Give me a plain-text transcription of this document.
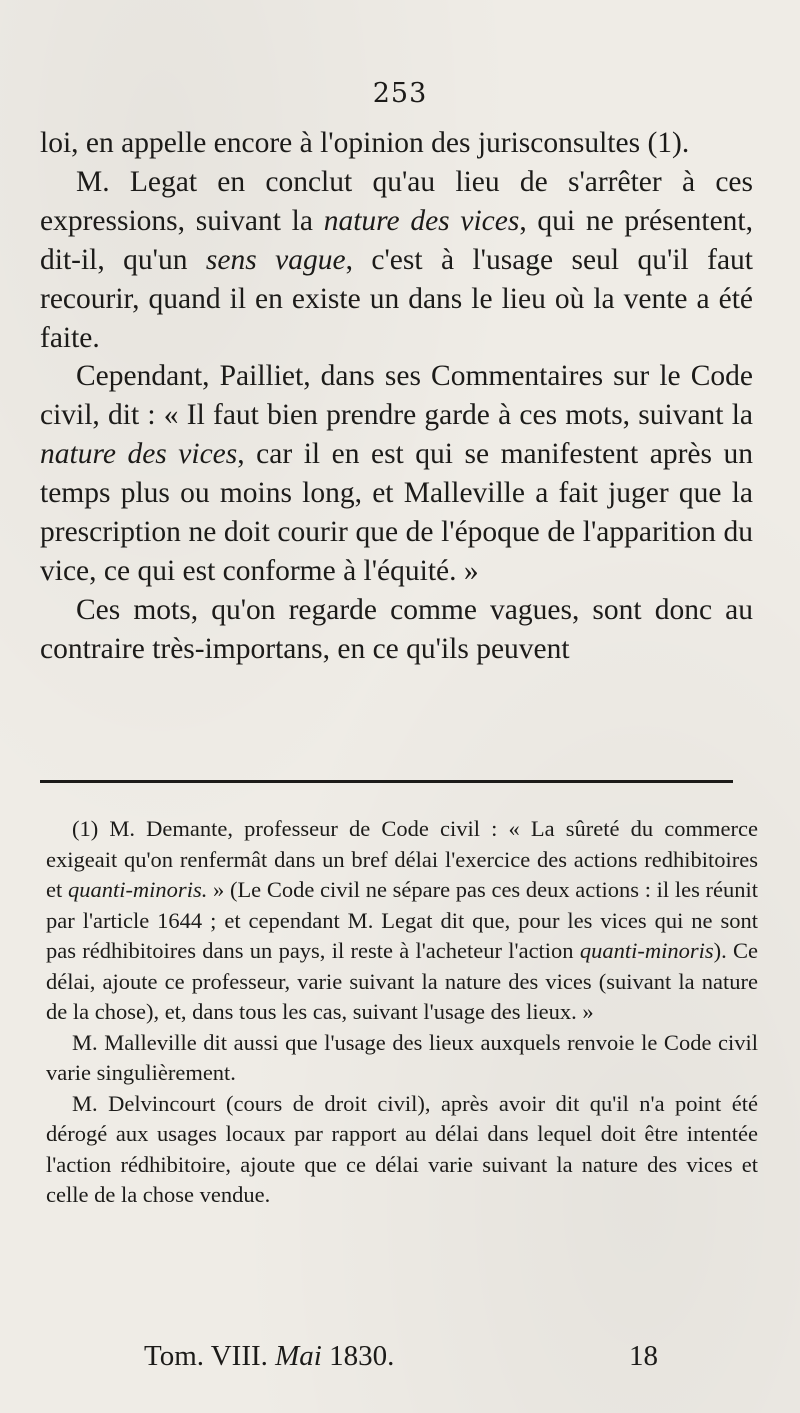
253

loi, en appelle encore à l'opinion des jurisconsultes (1).

M. Legat en conclut qu'au lieu de s'arrêter à ces expressions, suivant la nature des vices, qui ne présentent, dit-il, qu'un sens vague, c'est à l'usage seul qu'il faut recourir, quand il en existe un dans le lieu où la vente a été faite.

Cependant, Pailliet, dans ses Commentaires sur le Code civil, dit : « Il faut bien prendre garde à ces mots, suivant la nature des vices, car il en est qui se manifestent après un temps plus ou moins long, et Malleville a fait juger que la prescription ne doit courir que de l'époque de l'apparition du vice, ce qui est conforme à l'équité. »

Ces mots, qu'on regarde comme vagues, sont donc au contraire très-importans, en ce qu'ils peuvent

(1) M. Demante, professeur de Code civil : « La sûreté du commerce exigeait qu'on renfermât dans un bref délai l'exercice des actions redhibitoires et quanti-minoris. » (Le Code civil ne sépare pas ces deux actions : il les réunit par l'article 1644 ; et cependant M. Legat dit que, pour les vices qui ne sont pas rédhibitoires dans un pays, il reste à l'acheteur l'action quanti-minoris). Ce délai, ajoute ce professeur, varie suivant la nature des vices (suivant la nature de la chose), et, dans tous les cas, suivant l'usage des lieux. »

M. Malleville dit aussi que l'usage des lieux auxquels renvoie le Code civil varie singulièrement.

M. Delvincourt (cours de droit civil), après avoir dit qu'il n'a point été dérogé aux usages locaux par rapport au délai dans lequel doit être intentée l'action rédhibitoire, ajoute que ce délai varie suivant la nature des vices et celle de la chose vendue.

Tom. VIII. Mai 1830.	18
